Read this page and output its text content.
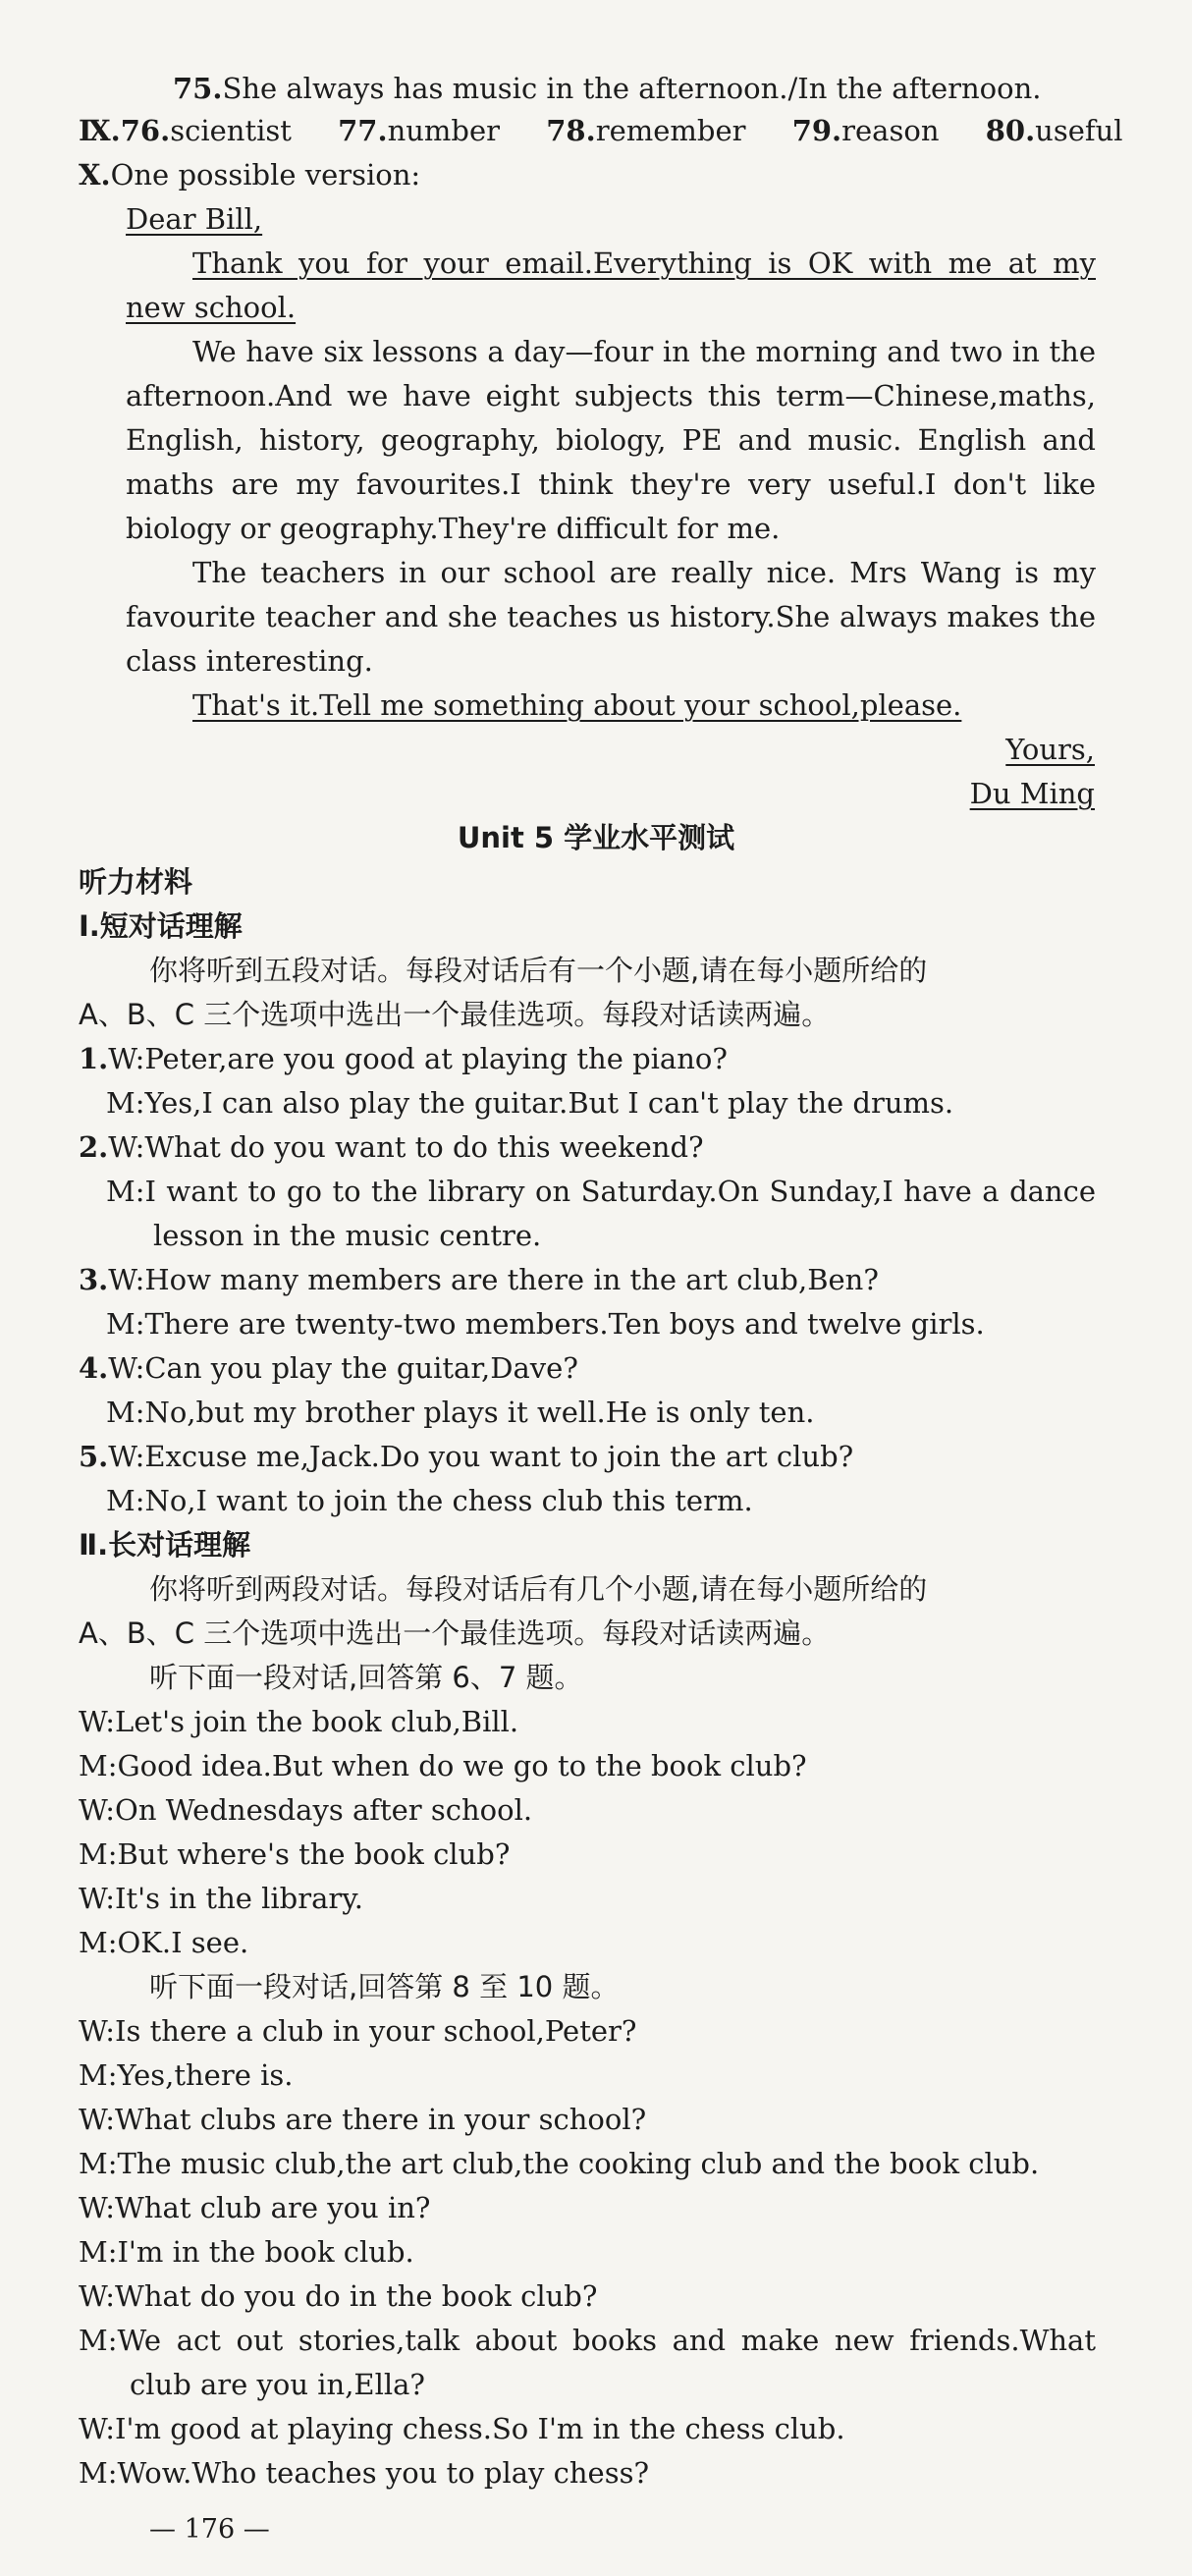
75.She always has music in the afternoon./In the afternoon.
Ⅸ.76.scientist 77.number 78.remember 79.reason 80.useful
Ⅹ.One possible version:
Dear Bill,
Thank you for your email.Everything is OK with me at my
new school.
We have six lessons a day—four in the morning and two in the
afternoon.And we have eight subjects this term—Chinese,maths,
English, history, geography, biology, PE and music. English and
maths are my favourites.I think they're very useful.I don't like
biology or geography.They're difficult for me.
The teachers in our school are really nice. Mrs Wang is my
favourite teacher and she teaches us history.She always makes the
class interesting.
That's it.Tell me something about your school,please.
Yours,
Du Ming
Unit 5 学业水平测试
听力材料
Ⅰ.短对话理解
你将听到五段对话。每段对话后有一个小题,请在每小题所给的
A、B、C 三个选项中选出一个最佳选项。每段对话读两遍。
1.W:Peter,are you good at playing the piano?
M:Yes,I can also play the guitar.But I can't play the drums.
2.W:What do you want to do this weekend?
M:I want to go to the library on Saturday.On Sunday,I have a dance
lesson in the music centre.
3.W:How many members are there in the art club,Ben?
M:There are twenty-two members.Ten boys and twelve girls.
4.W:Can you play the guitar,Dave?
M:No,but my brother plays it well.He is only ten.
5.W:Excuse me,Jack.Do you want to join the art club?
M:No,I want to join the chess club this term.
Ⅱ.长对话理解
你将听到两段对话。每段对话后有几个小题,请在每小题所给的
A、B、C 三个选项中选出一个最佳选项。每段对话读两遍。
听下面一段对话,回答第 6、7 题。
W:Let's join the book club,Bill.
M:Good idea.But when do we go to the book club?
W:On Wednesdays after school.
M:But where's the book club?
W:It's in the library.
M:OK.I see.
听下面一段对话,回答第 8 至 10 题。
W:Is there a club in your school,Peter?
M:Yes,there is.
W:What clubs are there in your school?
M:The music club,the art club,the cooking club and the book club.
W:What club are you in?
M:I'm in the book club.
W:What do you do in the book club?
M:We act out stories,talk about books and make new friends.What
club are you in,Ella?
W:I'm good at playing chess.So I'm in the chess club.
M:Wow.Who teaches you to play chess?
— 176 —
